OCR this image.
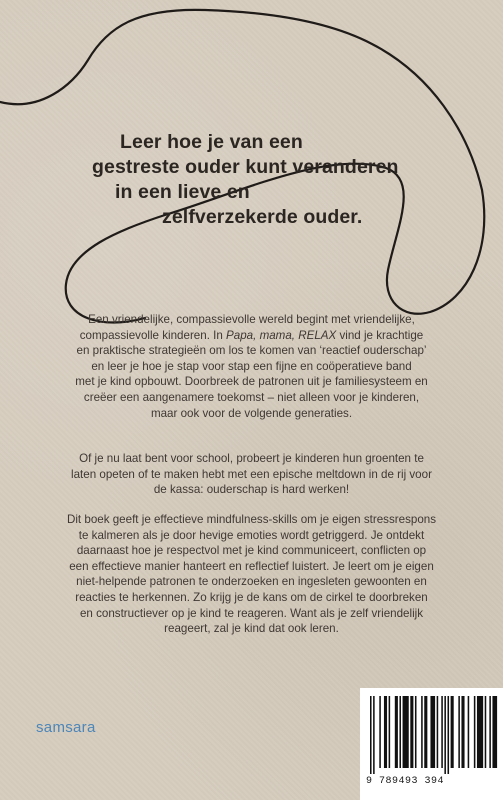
Leer hoe je van een
gestreste ouder kunt veranderen
in een lieve en
zelfverzekerde ouder.
Een vriendelijke, compassievolle wereld begint met vriendelijke,
compassievolle kinderen. In Papa, mama, RELAX vind je krachtige
en praktische strategieën om los te komen van ‘reactief ouderschap’
en leer je hoe je stap voor stap een fijne en coöperatieve band
met je kind opbouwt. Doorbreek de patronen uit je familiesysteem en
creëer een aangenamere toekomst – niet alleen voor je kinderen,
maar ook voor de volgende generaties.
Of je nu laat bent voor school, probeert je kinderen hun groenten te
laten opeten of te maken hebt met een epische meltdown in de rij voor
de kassa: ouderschap is hard werken!
Dit boek geeft je effectieve mindfulness-skills om je eigen stressrespons
te kalmeren als je door hevige emoties wordt getriggerd. Je ontdekt
daarnaast hoe je respectvol met je kind communiceert, conflicten op
een effectieve manier hanteert en reflectief luistert. Je leert om je eigen
niet-helpende patronen te onderzoeken en ingesleten gewoonten en
reacties te herkennen. Zo krijg je de kans om de cirkel te doorbreken
en constructiever op je kind te reageren. Want als je zelf vriendelijk
reageert, zal je kind dat ook leren.
samsara
9 789493 394
